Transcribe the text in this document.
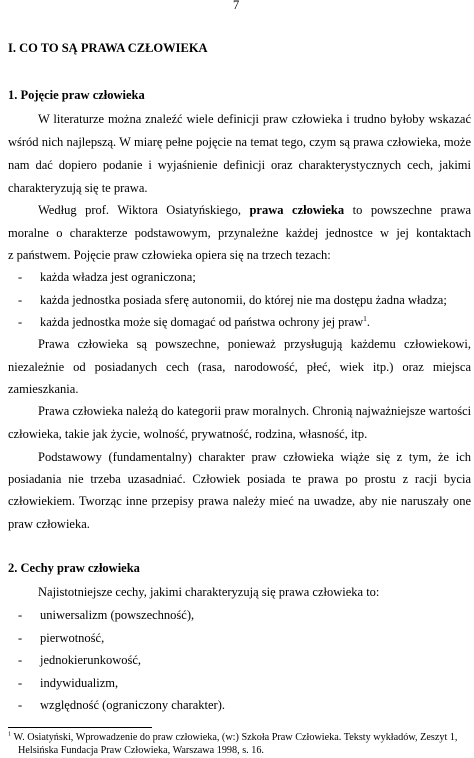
7
I. CO TO SĄ PRAWA CZŁOWIEKA
1. Pojęcie praw człowieka
W literaturze można znaleźć wiele definicji praw człowieka i trudno byłoby wskazać
wśród nich najlepszą. W miarę pełne pojęcie na temat tego, czym są prawa człowieka, może
nam dać dopiero podanie i wyjaśnienie definicji oraz charakterystycznych cech, jakimi
charakteryzują się te prawa.
Według prof. Wiktora Osiatyńskiego, prawa człowieka to powszechne prawa
moralne o charakterze podstawowym, przynależne każdej jednostce w jej kontaktach
z państwem. Pojęcie praw człowieka opiera się na trzech tezach:
- każda władza jest ograniczona;
- każda jednostka posiada sferę autonomii, do której nie ma dostępu żadna władza;
- każda jednostka może się domagać od państwa ochrony jej praw$^1$.
Prawa człowieka są powszechne, ponieważ przysługują każdemu człowiekowi,
niezależnie od posiadanych cech (rasa, narodowość, płeć, wiek itp.) oraz miejsca
zamieszkania.
Prawa człowieka należą do kategorii praw moralnych. Chronią najważniejsze wartości
człowieka, takie jak życie, wolność, prywatność, rodzina, własność, itp.
Podstawowy (fundamentalny) charakter praw człowieka wiąże się z tym, że ich
posiadania nie trzeba uzasadniać. Człowiek posiada te prawa po prostu z racji bycia
człowiekiem. Tworząc inne przepisy prawa należy mieć na uwadze, aby nie naruszały one
praw człowieka.
2. Cechy praw człowieka
Najistotniejsze cechy, jakimi charakteryzują się prawa człowieka to:
- uniwersalizm (powszechność),
- pierwotność,
- jednokierunkowość,
- indywidualizm,
- względność (ograniczony charakter).
$^1$ W. Osiatyński, Wprowadzenie do praw człowieka, (w:) Szkoła Praw Człowieka. Teksty wykładów, Zeszyt 1,
Helsińska Fundacja Praw Człowieka, Warszawa 1998, s. 16.
